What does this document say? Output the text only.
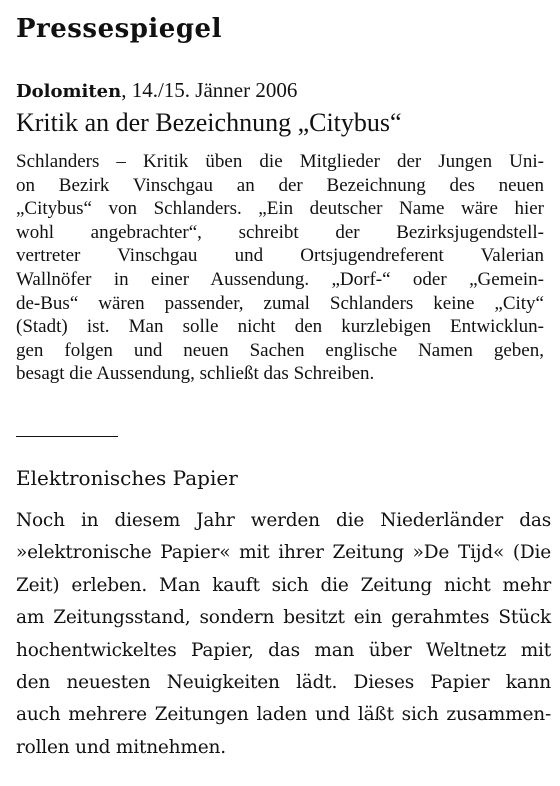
Pressespiegel
Dolomiten, 14./15. Jänner 2006
Kritik an der Bezeichnung „Citybus“
Schlanders – Kritik üben die Mitglieder der Jungen Uni-
on Bezirk Vinschgau an der Bezeichnung des neuen
„Citybus“ von Schlanders. „Ein deutscher Name wäre hier
wohl angebrachter“, schreibt der Bezirksjugendstell-
vertreter Vinschgau und Ortsjugendreferent Valerian
Wallnöfer in einer Aussendung. „Dorf-“ oder „Gemein-
de-Bus“ wären passender, zumal Schlanders keine „City“
(Stadt) ist. Man solle nicht den kurzlebigen Entwicklun-
gen folgen und neuen Sachen englische Namen geben,
besagt die Aussendung, schließt das Schreiben.
Elektronisches Papier
Noch in diesem Jahr werden die Niederländer das
»elektronische Papier« mit ihrer Zeitung »De Tijd« (Die
Zeit) erleben. Man kauft sich die Zeitung nicht mehr
am Zeitungsstand, sondern besitzt ein gerahmtes Stück
hochentwickeltes Papier, das man über Weltnetz mit
den neuesten Neuigkeiten lädt. Dieses Papier kann
auch mehrere Zeitungen laden und läßt sich zusammen-
rollen und mitnehmen.
